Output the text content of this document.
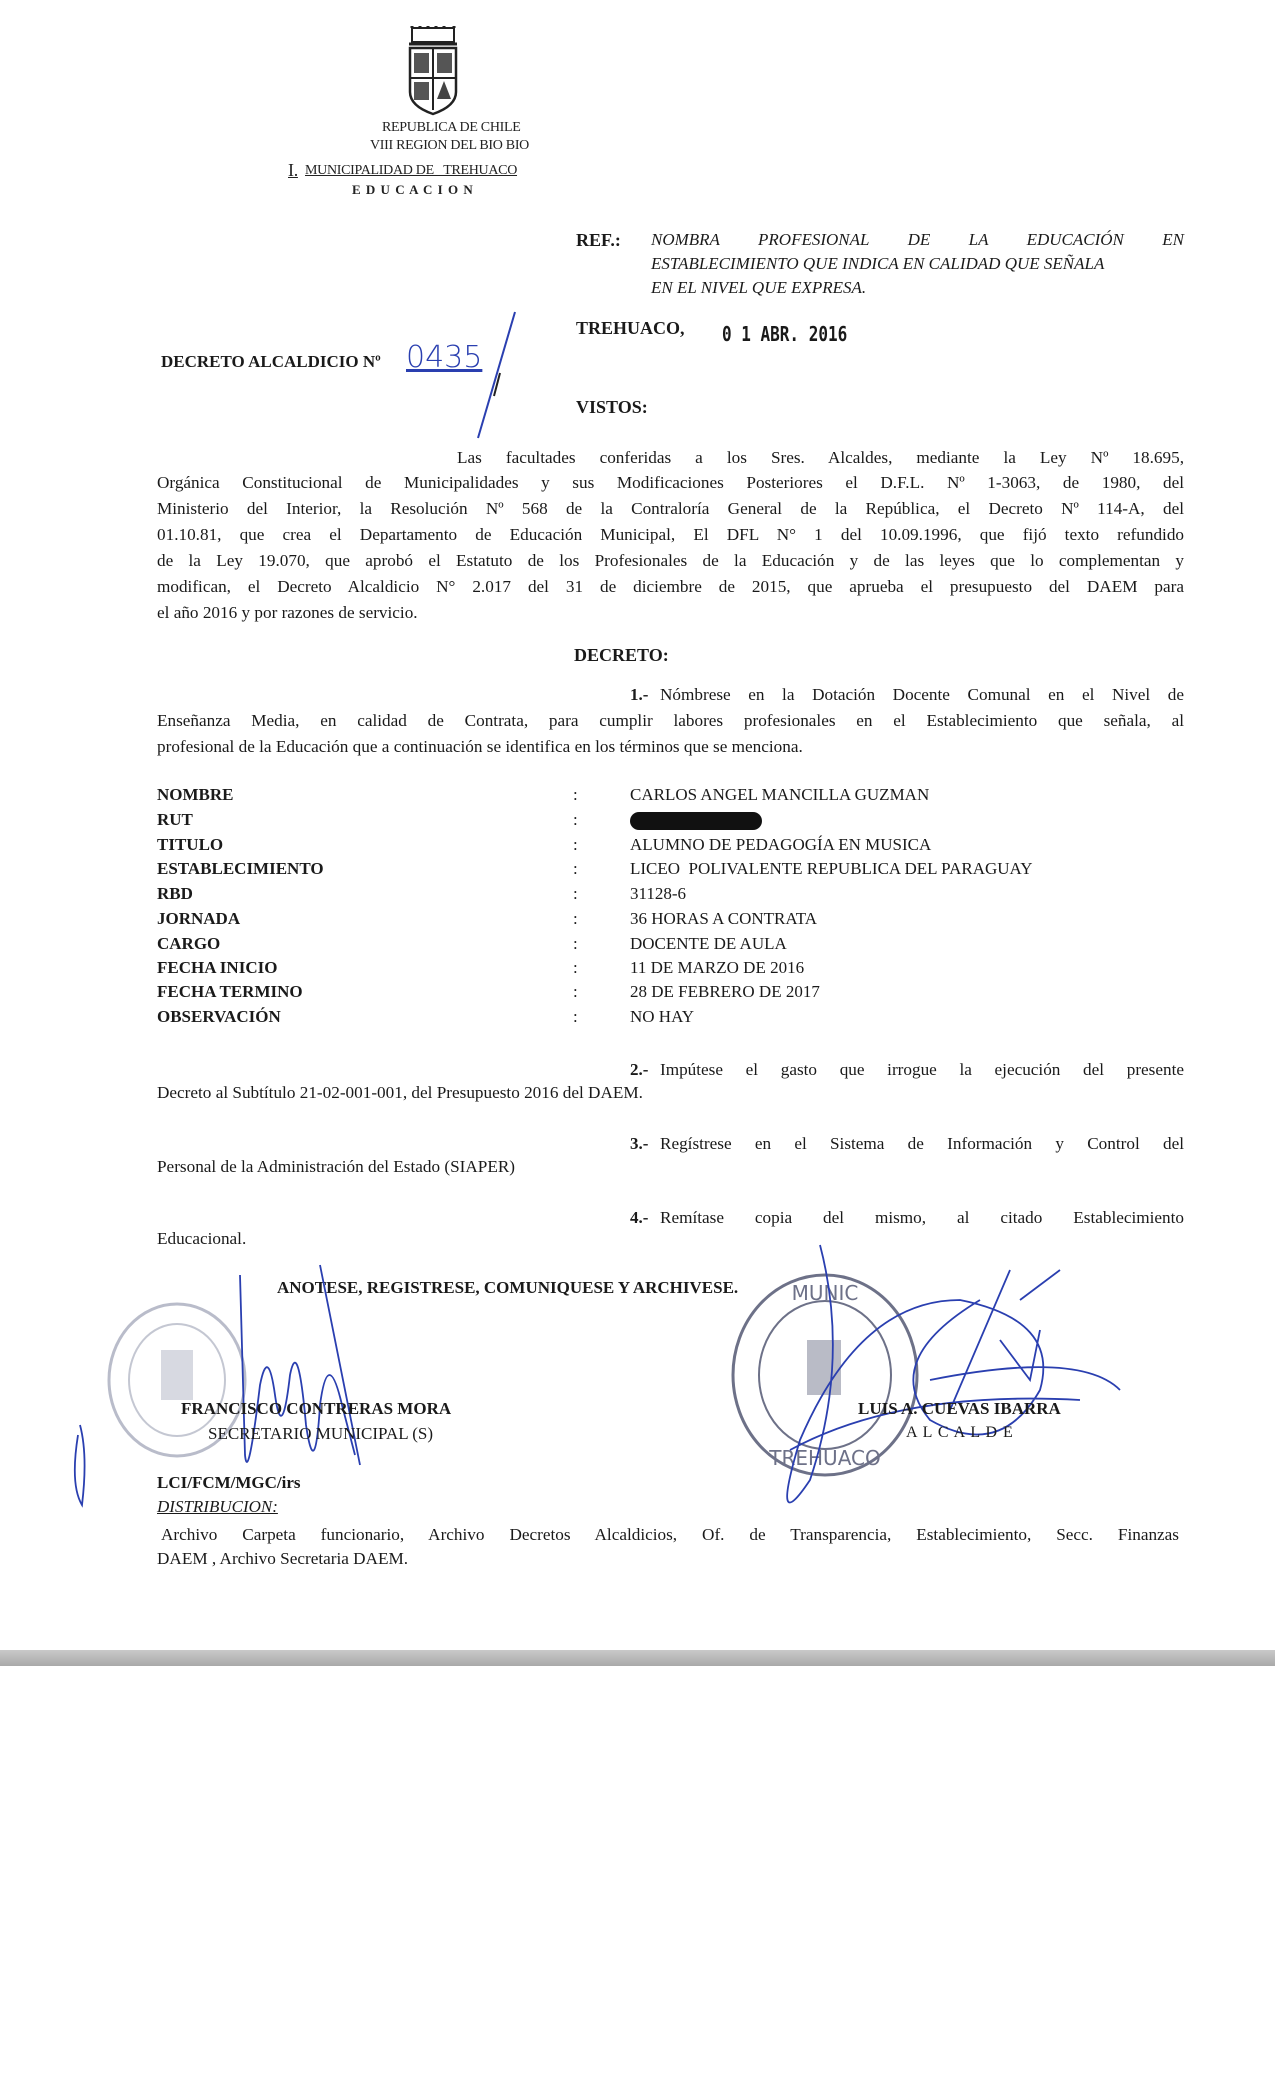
REPUBLICA DE CHILE
VIII REGION DEL BIO BIO
I. MUNICIPALIDAD DE   TREHUACO
E D U C A C I O N
REF.: NOMBRA PROFESIONAL DE LA EDUCACIÓN EN
ESTABLECIMIENTO QUE INDICA EN CALIDAD QUE SEÑALA
EN EL NIVEL QUE EXPRESA.
TREHUACO, 0 1 ABR. 2016
DECRETO ALCALDICIO Nº 0435
VISTOS:
Las facultades conferidas a los Sres. Alcaldes, mediante la Ley Nº 18.695,
Orgánica Constitucional de Municipalidades y sus Modificaciones Posteriores el D.F.L. Nº 1-3063, de 1980, del
Ministerio del Interior, la Resolución Nº 568 de la Contraloría General de la República, el Decreto Nº 114-A, del
01.10.81, que crea el Departamento de Educación Municipal, El DFL N° 1 del 10.09.1996, que fijó texto refundido
de la Ley 19.070, que aprobó el Estatuto de los Profesionales de la Educación y de las leyes que lo complementan y
modifican, el Decreto Alcaldicio N° 2.017 del 31 de diciembre de 2015, que aprueba el presupuesto del DAEM para
el año 2016 y por razones de servicio.
DECRETO:
1.- Nómbrese en la Dotación Docente Comunal en el Nivel de
Enseñanza Media, en calidad de Contrata, para cumplir labores profesionales en el Establecimiento que señala, al
profesional de la Educación que a continuación se identifica en los términos que se menciona.
NOMBRE	:	CARLOS ANGEL MANCILLA GUZMAN
RUT	:
TITULO	:	ALUMNO DE PEDAGOGÍA EN MUSICA
ESTABLECIMIENTO	:	LICEO  POLIVALENTE REPUBLICA DEL PARAGUAY
RBD	:	31128-6
JORNADA	:	36 HORAS A CONTRATA
CARGO	:	DOCENTE DE AULA
FECHA INICIO	:	11 DE MARZO DE 2016
FECHA TERMINO	:	28 DE FEBRERO DE 2017
OBSERVACIÓN	:	NO HAY
2.- Impútese el gasto que irrogue la ejecución del presente
Decreto al Subtítulo 21-02-001-001, del Presupuesto 2016 del DAEM.
3.- Regístrese en el Sistema de Información y Control del
Personal de la Administración del Estado (SIAPER)
4.- Remítase copia del mismo, al citado Establecimiento
Educacional.
ANOTESE, REGISTRESE, COMUNIQUESE Y ARCHIVESE.	MUNIC
TREHUACO
FRANCISCO CONTRERAS MORA
SECRETARIO MUNICIPAL (S)
LUIS A. CUEVAS IBARRA
A L C A L D E
LCI/FCM/MGC/irs
DISTRIBUCION:
Archivo Carpeta funcionario, Archivo Decretos Alcaldicios, Of. de Transparencia, Establecimiento, Secc. Finanzas
DAEM , Archivo Secretaria DAEM.
